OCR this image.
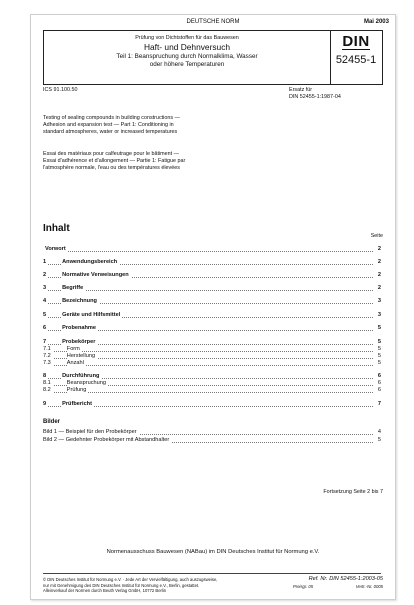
DEUTSCHE NORM	Mai 2003
Prüfung von Dichtstoffen für das Bauwesen
Haft- und Dehnversuch
Teil 1: Beanspruchung durch Normalklima, Wasser
oder höhere Temperaturen
DIN
52455-1
ICS 91.100.50	Ersatz für
DIN 52455-1:1987-04
Testing of sealing compounds in building constructions —
Adhesion and expansion test — Part 1: Conditioning in
standard atmospheres, water or increased temperatures
Essai des matériaux pour calfeutrage pour le bâtiment —
Essai d'adhérence et d'allongement — Partie 1: Fatigue par
l'atmosphère normale, l'eau ou des températures élevées
Inhalt
Seite
Vorwort	2
1	Anwendungsbereich	2
2	Normative Verweisungen	2
3	Begriffe	2
4	Bezeichnung	3
5	Geräte und Hilfsmittel	3
6	Probenahme	5
7	Probekörper	5
7.1	Form	5
7.2	Herstellung	5
7.3	Anzahl	5
8	Durchführung	6
8.1	Beanspruchung	6
8.2	Prüfung	6
9	Prüfbericht	7
Bilder
Bild 1 — Beispiel für den Probekörper	4
Bild 2 — Gedehnter Probekörper mit Abstandhalter	5
Fortsetzung Seite 2 bis 7
Normenausschuss Bauwesen (NABau) im DIN Deutsches Institut für Normung e.V.
© DIN Deutsches Institut für Normung e.V. · Jede Art der Vervielfältigung, auch auszugsweise,
nur mit Genehmigung des DIN Deutsches Institut für Normung e.V., Berlin, gestattet.
Alleinverkauf der Normen durch Beuth Verlag GmbH, 10772 Berlin
Ref. Nr. DIN 52455-1:2003-05
Preisgr. 05	Vertr.-Nr. 0005
